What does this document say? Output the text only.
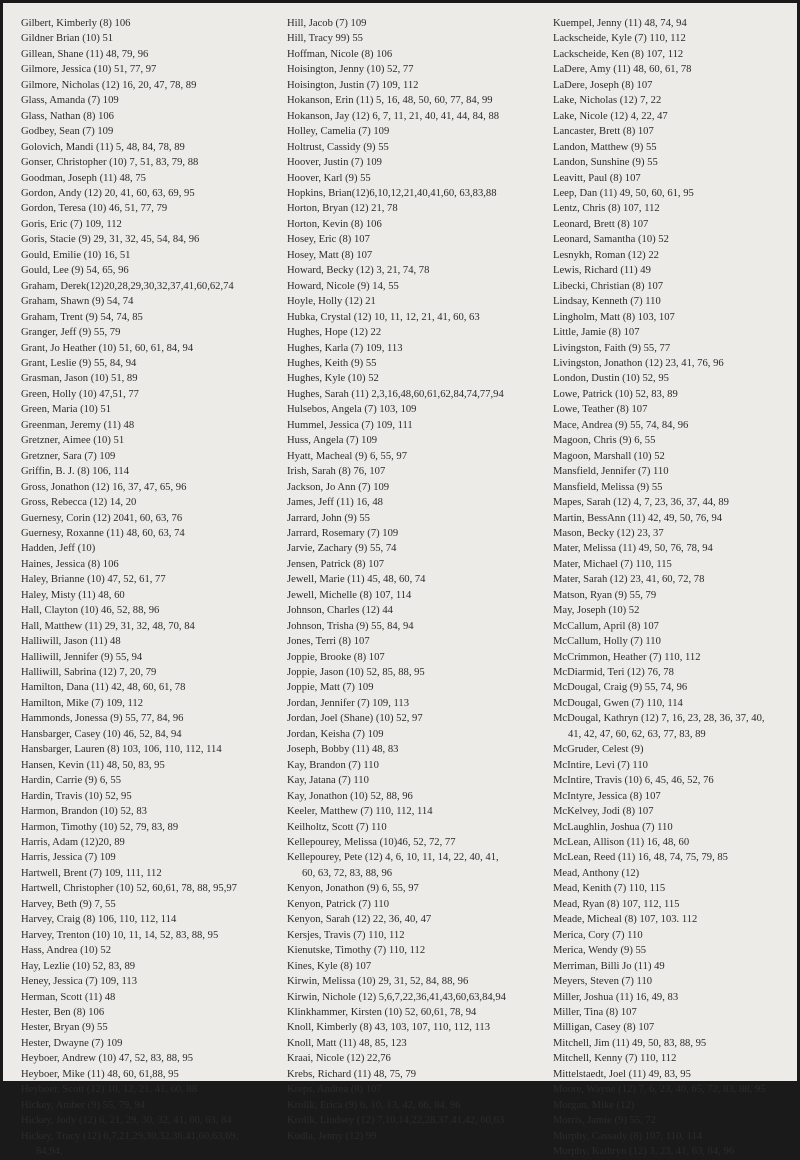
Gilbert, Kimberly (8) 106
Gildner Brian (10) 51
Gillean, Shane (11) 48, 79, 96
Gilmore, Jessica (10) 51, 77, 97
Gilmore, Nicholas (12) 16, 20, 47, 78, 89
Glass, Amanda (7) 109
Glass, Nathan (8) 106
Godbey, Sean (7) 109
Golovich, Mandi (11) 5, 48, 84, 78, 89
Gonser, Christopher (10) 7, 51, 83, 79, 88
Goodman, Joseph (11) 48, 75
Gordon, Andy (12) 20, 41, 60, 63, 69, 95
Gordon, Teresa (10) 46, 51, 77, 79
Goris, Eric (7) 109, 112
Goris, Stacie (9) 29, 31, 32, 45, 54, 84, 96
Gould, Emilie (10) 16, 51
Gould, Lee (9) 54, 65, 96
Graham, Derek(12)20,28,29,30,32,37,41,60,62,74
Graham, Shawn (9) 54, 74
Graham, Trent (9) 54, 74, 85
Granger, Jeff (9) 55, 79
Grant, Jo Heather (10) 51, 60, 61, 84, 94
Grant, Leslie (9) 55, 84, 94
Grasman, Jason (10) 51, 89
Green, Holly (10) 47,51, 77
Green, Maria (10) 51
Greenman, Jeremy (11) 48
Gretzner, Aimee (10) 51
Gretzner, Sara (7) 109
Griffin, B. J. (8) 106, 114
Gross, Jonathon (12) 16, 37, 47, 65, 96
Gross, Rebecca (12) 14, 20
Guernesy, Corin (12) 2041, 60, 63, 76
Guernesy, Roxanne (11) 48, 60, 63, 74
Hadden, Jeff (10)
Haines, Jessica (8) 106
Haley, Brianne (10) 47, 52, 61, 77
Haley, Misty (11) 48, 60
Hall, Clayton (10) 46, 52, 88, 96
Hall, Matthew (11) 29, 31, 32, 48, 70, 84
Halliwill, Jason (11) 48
Halliwill, Jennifer (9) 55, 94
Halliwill, Sabrina (12) 7, 20, 79
Hamilton, Dana (11) 42, 48, 60, 61, 78
Hamilton, Mike (7) 109, 112
Hammonds, Jonessa (9) 55, 77, 84, 96
Hansbarger, Casey (10) 46, 52, 84, 94
Hansbarger, Lauren (8) 103, 106, 110, 112, 114
Hansen, Kevin (11) 48, 50, 83, 95
Hardin, Carrie (9) 6, 55
Hardin, Travis (10) 52, 95
Harmon, Brandon (10) 52, 83
Harmon, Timothy (10) 52, 79, 83, 89
Harris, Adam (12)20, 89
Harris, Jessica (7) 109
Hartwell, Brent (7) 109, 111, 112
Hartwell, Christopher (10) 52, 60,61, 78, 88, 95,97
Harvey, Beth (9) 7, 55
Harvey, Craig (8) 106, 110, 112, 114
Harvey, Trenton (10) 10, 11, 14, 52, 83, 88, 95
Hass, Andrea (10) 52
Hay, Lezlie (10) 52, 83, 89
Heney, Jessica (7) 109, 113
Herman, Scott (11) 48
Hester, Ben (8) 106
Hester, Bryan (9) 55
Hester, Dwayne (7) 109
Heyboer, Andrew (10) 47, 52, 83, 88, 95
Heyboer, Mike (11) 48, 60, 61,88, 95
Heyboer, Scott (12) 10, 12, 21, 41, 60, 88
Hickey, Amber (9) 55, 79, 94
Hickey, Jody (12) 6, 21, 29, 30, 32, 41, 60, 63, 84
Hickey, Tracy (12) 6,7,21,29,30,32,36,41,60,63,69,
84,94,
Hill, Jacob (7) 109
Hill, Tracy 99) 55
Hoffman, Nicole (8) 106
Hoisington, Jenny (10) 52, 77
Hoisington, Justin (7) 109, 112
Hokanson, Erin (11) 5, 16, 48, 50, 60, 77, 84, 99
Hokanson, Jay (12) 6, 7, 11, 21, 40, 41, 44, 84, 88
Holley, Camelia (7) 109
Holtrust, Cassidy (9) 55
Hoover, Justin (7) 109
Hoover, Karl (9) 55
Hopkins, Brian(12)6,10,12,21,40,41,60, 63,83,88
Horton, Bryan (12) 21, 78
Horton, Kevin (8) 106
Hosey, Eric (8) 107
Hosey, Matt (8) 107
Howard, Becky (12) 3, 21, 74, 78
Howard, Nicole (9) 14, 55
Hoyle, Holly (12) 21
Hubka, Crystal (12) 10, 11, 12, 21, 41, 60, 63
Hughes, Hope (12) 22
Hughes, Karla (7) 109, 113
Hughes, Keith (9) 55
Hughes, Kyle (10) 52
Hughes, Sarah (11) 2,3,16,48,60,61,62,84,74,77,94
Hulsebos, Angela (7) 103, 109
Hummel, Jessica (7) 109, 111
Huss, Angela (7) 109
Hyatt, Macheal (9) 6, 55, 97
Irish, Sarah (8) 76, 107
Jackson, Jo Ann (7) 109
James, Jeff (11) 16, 48
Jarrard, John (9) 55
Jarrard, Rosemary (7) 109
Jarvie, Zachary (9) 55, 74
Jensen, Patrick (8) 107
Jewell, Marie (11) 45, 48, 60, 74
Jewell, Michelle (8) 107, 114
Johnson, Charles (12) 44
Johnson, Trisha (9) 55, 84, 94
Jones, Terri (8) 107
Joppie, Brooke (8) 107
Joppie, Jason (10) 52, 85, 88, 95
Joppie, Matt (7) 109
Jordan, Jennifer (7) 109, 113
Jordan, Joel (Shane) (10) 52, 97
Jordan, Keisha (7) 109
Joseph, Bobby (11) 48, 83
Kay, Brandon (7) 110
Kay, Jatana (7) 110
Kay, Jonathon (10) 52, 88, 96
Keeler, Matthew (7) 110, 112, 114
Keilholtz, Scott (7) 110
Kellepourey, Melissa (10)46, 52, 72, 77
Kellepourey, Pete (12) 4, 6, 10, 11, 14, 22, 40, 41,
60, 63, 72, 83, 88, 96
Kenyon, Jonathon (9) 6, 55, 97
Kenyon, Patrick (7) 110
Kenyon, Sarah (12) 22, 36, 40, 47
Kersjes, Travis (7) 110, 112
Kienutske, Timothy (7) 110, 112
Kines, Kyle (8) 107
Kirwin, Melissa (10) 29, 31, 52, 84, 88, 96
Kirwin, Nichole (12) 5,6,7,22,36,41,43,60,63,84,94
Klinkhammer, Kirsten (10) 52, 60,61, 78, 94
Knoll, Kimberly (8) 43, 103, 107, 110, 112, 113
Knoll, Matt (11) 48, 85, 123
Kraai, Nicole (12) 22,76
Krebs, Richard (11) 48, 75, 79
Kreps, Andrea (8) 107
Krolik, Erica (9) 6, 10, 13, 42, 66, 84, 96
Krolik, Lindsey (12) 7,10,14,22,28,37,41,42, 60,63
Kudla, Jenny (12) 99
Kuempel, Jenny (11) 48, 74, 94
Lackscheide, Kyle (7) 110, 112
Lackscheide, Ken (8) 107, 112
LaDere, Amy (11) 48, 60, 61, 78
LaDere, Joseph (8) 107
Lake, Nicholas (12) 7, 22
Lake, Nicole (12) 4, 22, 47
Lancaster, Brett (8) 107
Landon, Matthew (9) 55
Landon, Sunshine (9) 55
Leavitt, Paul (8) 107
Leep, Dan (11) 49, 50, 60, 61, 95
Lentz, Chris (8) 107, 112
Leonard, Brett (8) 107
Leonard, Samantha (10) 52
Lesnykh, Roman (12) 22
Lewis, Richard (11) 49
Libecki, Christian (8) 107
Lindsay, Kenneth (7) 110
Lingholm, Matt (8) 103, 107
Little, Jamie (8) 107
Livingston, Faith (9) 55, 77
Livingston, Jonathon (12) 23, 41, 76, 96
London, Dustin (10) 52, 95
Lowe, Patrick (10) 52, 83, 89
Lowe, Teather (8) 107
Mace, Andrea (9) 55, 74, 84, 96
Magoon, Chris (9) 6, 55
Magoon, Marshall (10) 52
Mansfield, Jennifer (7) 110
Mansfield, Melissa (9) 55
Mapes, Sarah (12) 4, 7, 23, 36, 37, 44, 89
Martin, BessAnn (11) 42, 49, 50, 76, 94
Mason, Becky (12) 23, 37
Mater, Melissa (11) 49, 50, 76, 78, 94
Mater, Michael (7) 110, 115
Mater, Sarah (12) 23, 41, 60, 72, 78
Matson, Ryan (9) 55, 79
May, Joseph (10) 52
McCallum, April (8) 107
McCallum, Holly (7) 110
McCrimmon, Heather (7) 110, 112
McDiarmid, Teri (12) 76, 78
McDougal, Craig (9) 55, 74, 96
McDougal, Gwen (7) 110, 114
McDougal, Kathryn (12) 7, 16, 23, 28, 36, 37, 40,
41, 42, 47, 60, 62, 63, 77, 83, 89
McGruder, Celest (9)
McIntire, Levi (7) 110
McIntire, Travis (10) 6, 45, 46, 52, 76
McIntyre, Jessica (8) 107
McKelvey, Jodi (8) 107
McLaughlin, Joshua (7) 110
McLean, Allison (11) 16, 48, 60
McLean, Reed (11) 16, 48, 74, 75, 79, 85
Mead, Anthony (12)
Mead, Kenith (7) 110, 115
Mead, Ryan (8) 107, 112, 115
Meade, Micheal (8) 107, 103. 112
Merica, Cory (7) 110
Merica, Wendy (9) 55
Merriman, Billi Jo (11) 49
Meyers, Steven (7) 110
Miller, Joshua (11) 16, 49, 83
Miller, Tina (8) 107
Milligan, Casey (8) 107
Mitchell, Jim (11) 49, 50, 83, 88, 95
Mitchell, Kenny (7) 110, 112
Mittelstaedt, Joel (11) 49, 83, 95
Moore, Wayne (12) 7, 6, 23, 40, 65, 72, 83, 88, 95
Morgan, Mike (12)
Morris, Jamie (9) 55, 72
Murphy, Cassady (8) 107, 110, 114
Murphy, Kathryn (12) 3, 23, 41, 63, 84, 96
